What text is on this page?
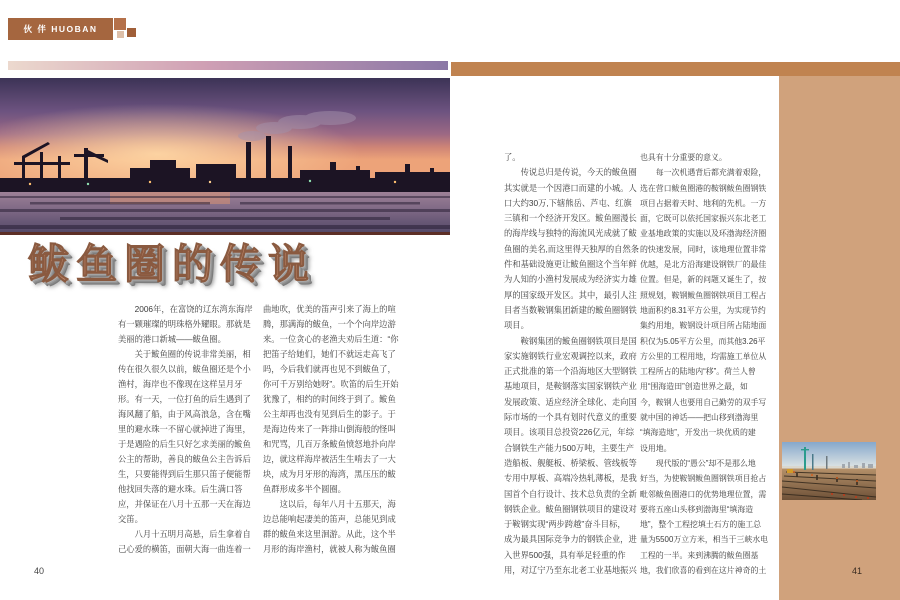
伙 伴 HUOBAN
鲅鱼圈的传说
　　2006年，在富饶的辽东湾东海岸
有一颗璀璨的明珠格外耀眼。那就是
美丽的港口新城——鲅鱼圈。
　　关于鲅鱼圈的传说非常美丽，相
传在很久很久以前，鲅鱼圈还是个小
渔村，海岸也不像现在这样呈月牙
形。有一天，一位打鱼的后生遇到了
海风翻了船，由于风高浪急，含在嘴
里的避水珠一不留心就掉进了海里，
于是遇险的后生只好乞求美丽的鲅鱼
公主的帮助，善良的鲅鱼公主告诉后
生，只要能得到后生那只笛子便能帮
他找回失落的避水珠。后生满口答
应，并保证在八月十五那一天在海边
交笛。
　　八月十五明月高悬，后生拿着自
己心爱的横笛，面朝大海一曲连着一
曲地吹，优美的笛声引来了海上的喧
腾，那满海的鲅鱼，一个个向岸边游
来。一位贪心的老渔夫劝后生道：“你
把笛子给她们，她们不就远走高飞了
吗，今后我们就再也见不到鲅鱼了，
你可千万别给她呀”。吹笛的后生开始
犹豫了，相约的时间终于到了。鲅鱼
公主却再也没有见到后生的影子。于
是海边传来了一阵排山倒海般的怪叫
和咒骂，几百万条鲅鱼愤怒地扑向岸
边，就这样海岸被活生生啃去了一大
块，成为月牙形的海湾，黑压压的鲅
鱼群形成多半个圆圈。
　　这以后，每年八月十五那天，海
边总能响起凄美的笛声，总能见到成
群的鲅鱼来这里洄游。从此，这个半
月形的海岸渔村，就被人称为鲅鱼圈
了。
　　传说总归是传说，今天的鲅鱼圈
其实就是一个因港口而建的小城。人
口大约30万,下辖熊岳、芦屯、红旗
三镇和一个经济开发区。鲅鱼圈漫长
的海岸线与独特的海流风光成就了鲅
鱼圈的美名,而这里得天独厚的自然条
件和基础设施更让鲅鱼圈这个当年鲜
为人知的小渔村发展成为经济实力雄
厚的国家级开发区。其中，最引人注
目者当数鞍钢集团新建的鲅鱼圈钢铁
项目。
　　鞍钢集团的鲅鱼圈钢铁项目是国
家实施钢铁行业宏观调控以来，政府
正式批准的第一个沿海地区大型钢铁
基地项目，是鞍钢落实国家钢铁产业
发展政策、适应经济全球化、走向国
际市场的一个具有划时代意义的重要
项目。该项目总投资226亿元，年综
合钢铁生产能力500万吨，主要生产
造船板、舰艇板、桥梁板、管线板等
专用中厚板、高端冷热轧薄板，是我
国首个自行设计、技术总负责的全新
钢铁企业。鲅鱼圈钢铁项目的建设对
于鞍钢实现“两步跨越”奋斗目标，
成为最具国际竞争力的钢铁企业，进
入世界500强，具有举足轻重的作
用，对辽宁乃至东北老工业基地振兴
也具有十分重要的意义。
　　每一次机遇背后都充满着艰险，
选在营口鲅鱼圈港的鞍钢鲅鱼圈钢铁
项目占据着天时、地利的先机。一方
面，它既可以依托国家振兴东北老工
业基地政策的实施以及环渤海经济圈
的快速发展，同时，该地理位置非常
优越，是北方沿海建设钢铁厂的最佳
位置。但是，新的问题又诞生了，按
照规划，鞍钢鲅鱼圈钢铁项目工程占
地面积约8.31平方公里，为实现节约
集约用地，鞍钢设计项目所占陆地面
积仅为5.05平方公里，而其他3.26平
方公里的工程用地，均需施工单位从
工程所占的陆地内“移”。荷兰人曾
用“围海造田”创造世界之最，如
今，鞍钢人也要用自己勤劳的双手写
就中国的神话——把山移到渤海里
“填海造地”，开发出一块优质的建
设用地。
　　现代版的“愚公”却不是那么地
好当，为使鞍钢鲅鱼圈钢铁项目抢占
毗邻鲅鱼圈港口的优势地理位置，需
要将五座山头移到渤海里“填海造
地”，整个工程挖填土石方的施工总
量为5500万立方米，相当于三峡水电
工程的一半。来到沸腾的鲅鱼圈基
地，我们欣喜的看到在这片神奇的土
40	41
